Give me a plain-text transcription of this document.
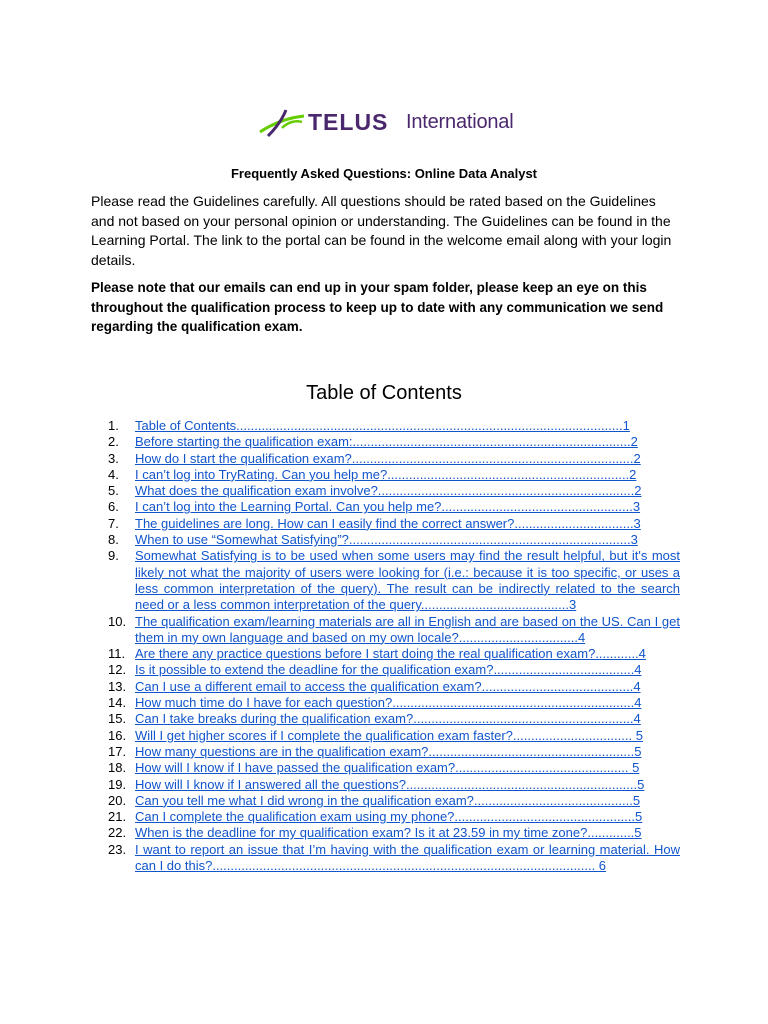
TELUS International
Frequently Asked Questions: Online Data Analyst
Please read the Guidelines carefully. All questions should be rated based on the Guidelines and not based on your personal opinion or understanding. The Guidelines can be found in the Learning Portal. The link to the portal can be found in the welcome email along with your login details.
Please note that our emails can end up in your spam folder, please keep an eye on this throughout the qualification process to keep up to date with any communication we send regarding the qualification exam.
Table of Contents
1.	Table of Contents...........................................................................................................1
2.	Before starting the qualification exam:.............................................................................2
3.	How do I start the qualification exam?..............................................................................2
4.	I can’t log into TryRating. Can you help me?...................................................................2
5.	What does the qualification exam involve?.......................................................................2
6.	I can’t log into the Learning Portal. Can you help me?.....................................................3
7.	The guidelines are long. How can I easily find the correct answer?.................................3
8.	When to use “Somewhat Satisfying”?..............................................................................3
9.	Somewhat Satisfying is to be used when some users may find the result helpful, but it's most likely not what the majority of users were looking for (i.e.: because it is too specific, or uses a less common interpretation of the query). The result can be indirectly related to the search need or a less common interpretation of the query.........................................3
10. The qualification exam/learning materials are all in English and are based on the US. Can I get them in my own language and based on my own locale?.................................4
11. Are there any practice questions before I start doing the real qualification exam?............4
12. Is it possible to extend the deadline for the qualification exam?.......................................4
13. Can I use a different email to access the qualification exam?..........................................4
14. How much time do I have for each question?...................................................................4
15. Can I take breaks during the qualification exam?.............................................................4
16. Will I get higher scores if I complete the qualification exam faster?................................. 5
17. How many questions are in the qualification exam?.........................................................5
18. How will I know if I have passed the qualification exam?................................................ 5
19. How will I know if I answered all the questions?................................................................5
20. Can you tell me what I did wrong in the qualification exam?............................................5
21. Can I complete the qualification exam using my phone?..................................................5
22. When is the deadline for my qualification exam? Is it at 23.59 in my time zone?.............5
23. I want to report an issue that I’m having with the qualification exam or learning material. How can I do this?.......................................................................................................... 6
